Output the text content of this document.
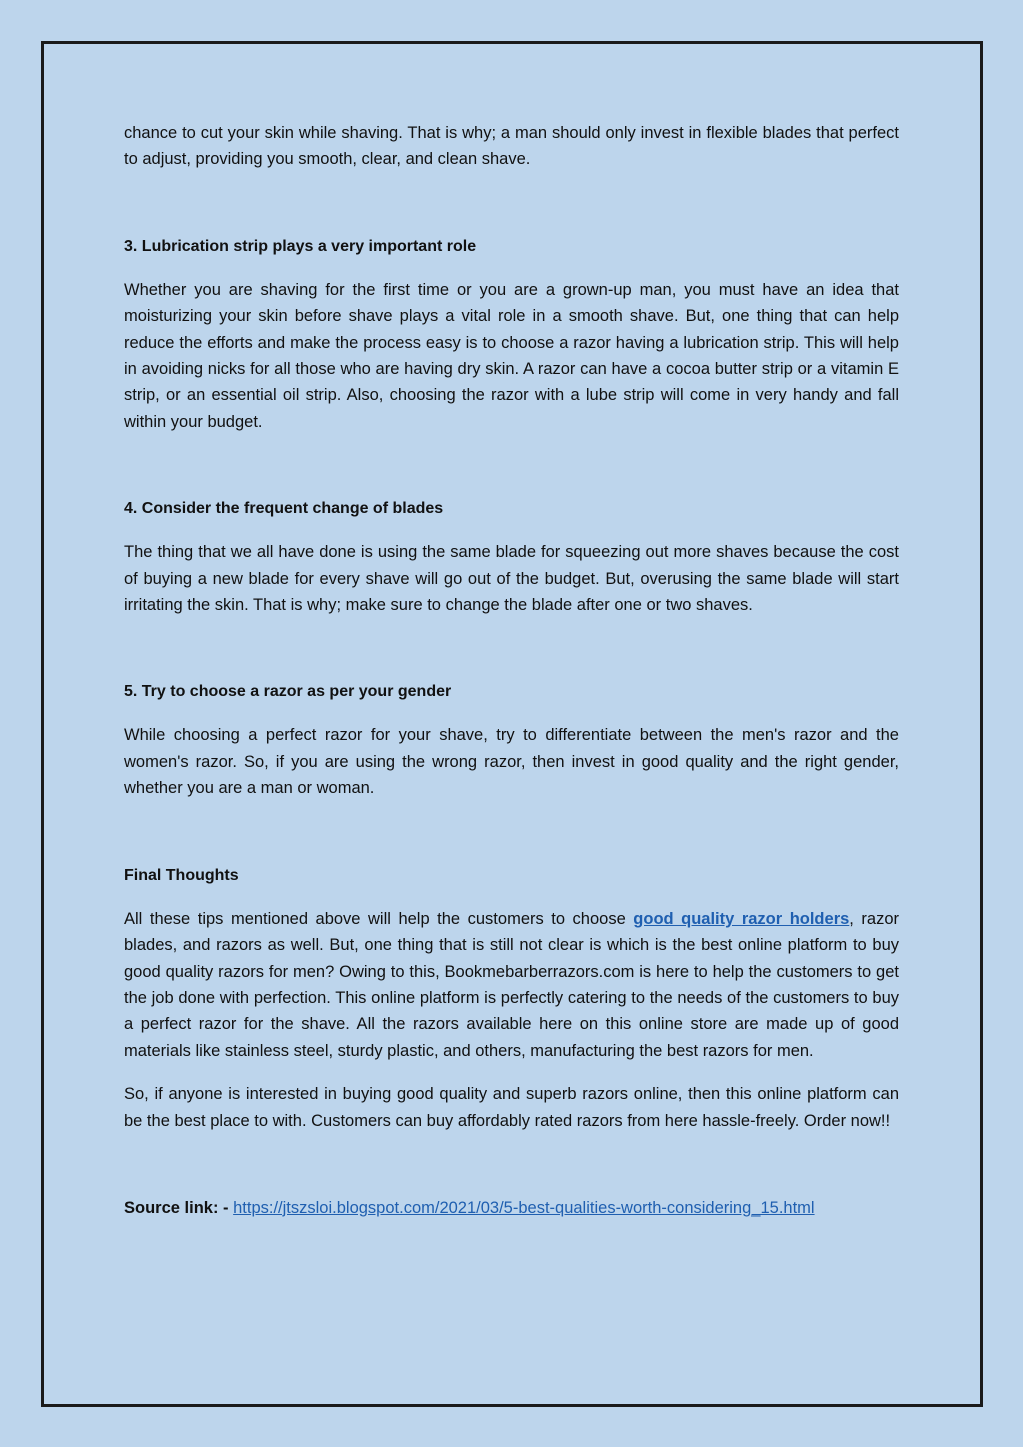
chance to cut your skin while shaving. That is why; a man should only invest in flexible blades that perfect to adjust, providing you smooth, clear, and clean shave.

3. Lubrication strip plays a very important role

Whether you are shaving for the first time or you are a grown-up man, you must have an idea that moisturizing your skin before shave plays a vital role in a smooth shave. But, one thing that can help reduce the efforts and make the process easy is to choose a razor having a lubrication strip. This will help in avoiding nicks for all those who are having dry skin. A razor can have a cocoa butter strip or a vitamin E strip, or an essential oil strip. Also, choosing the razor with a lube strip will come in very handy and fall within your budget.

4. Consider the frequent change of blades

The thing that we all have done is using the same blade for squeezing out more shaves because the cost of buying a new blade for every shave will go out of the budget. But, overusing the same blade will start irritating the skin. That is why; make sure to change the blade after one or two shaves.

5. Try to choose a razor as per your gender

While choosing a perfect razor for your shave, try to differentiate between the men's razor and the women's razor. So, if you are using the wrong razor, then invest in good quality and the right gender, whether you are a man or woman.

Final Thoughts

All these tips mentioned above will help the customers to choose good quality razor holders, razor blades, and razors as well. But, one thing that is still not clear is which is the best online platform to buy good quality razors for men? Owing to this, Bookmebarberrazors.com is here to help the customers to get the job done with perfection. This online platform is perfectly catering to the needs of the customers to buy a perfect razor for the shave. All the razors available here on this online store are made up of good materials like stainless steel, sturdy plastic, and others, manufacturing the best razors for men.

So, if anyone is interested in buying good quality and superb razors online, then this online platform can be the best place to with. Customers can buy affordably rated razors from here hassle-freely. Order now!!

Source link: - https://jtszsloi.blogspot.com/2021/03/5-best-qualities-worth-considering_15.html
